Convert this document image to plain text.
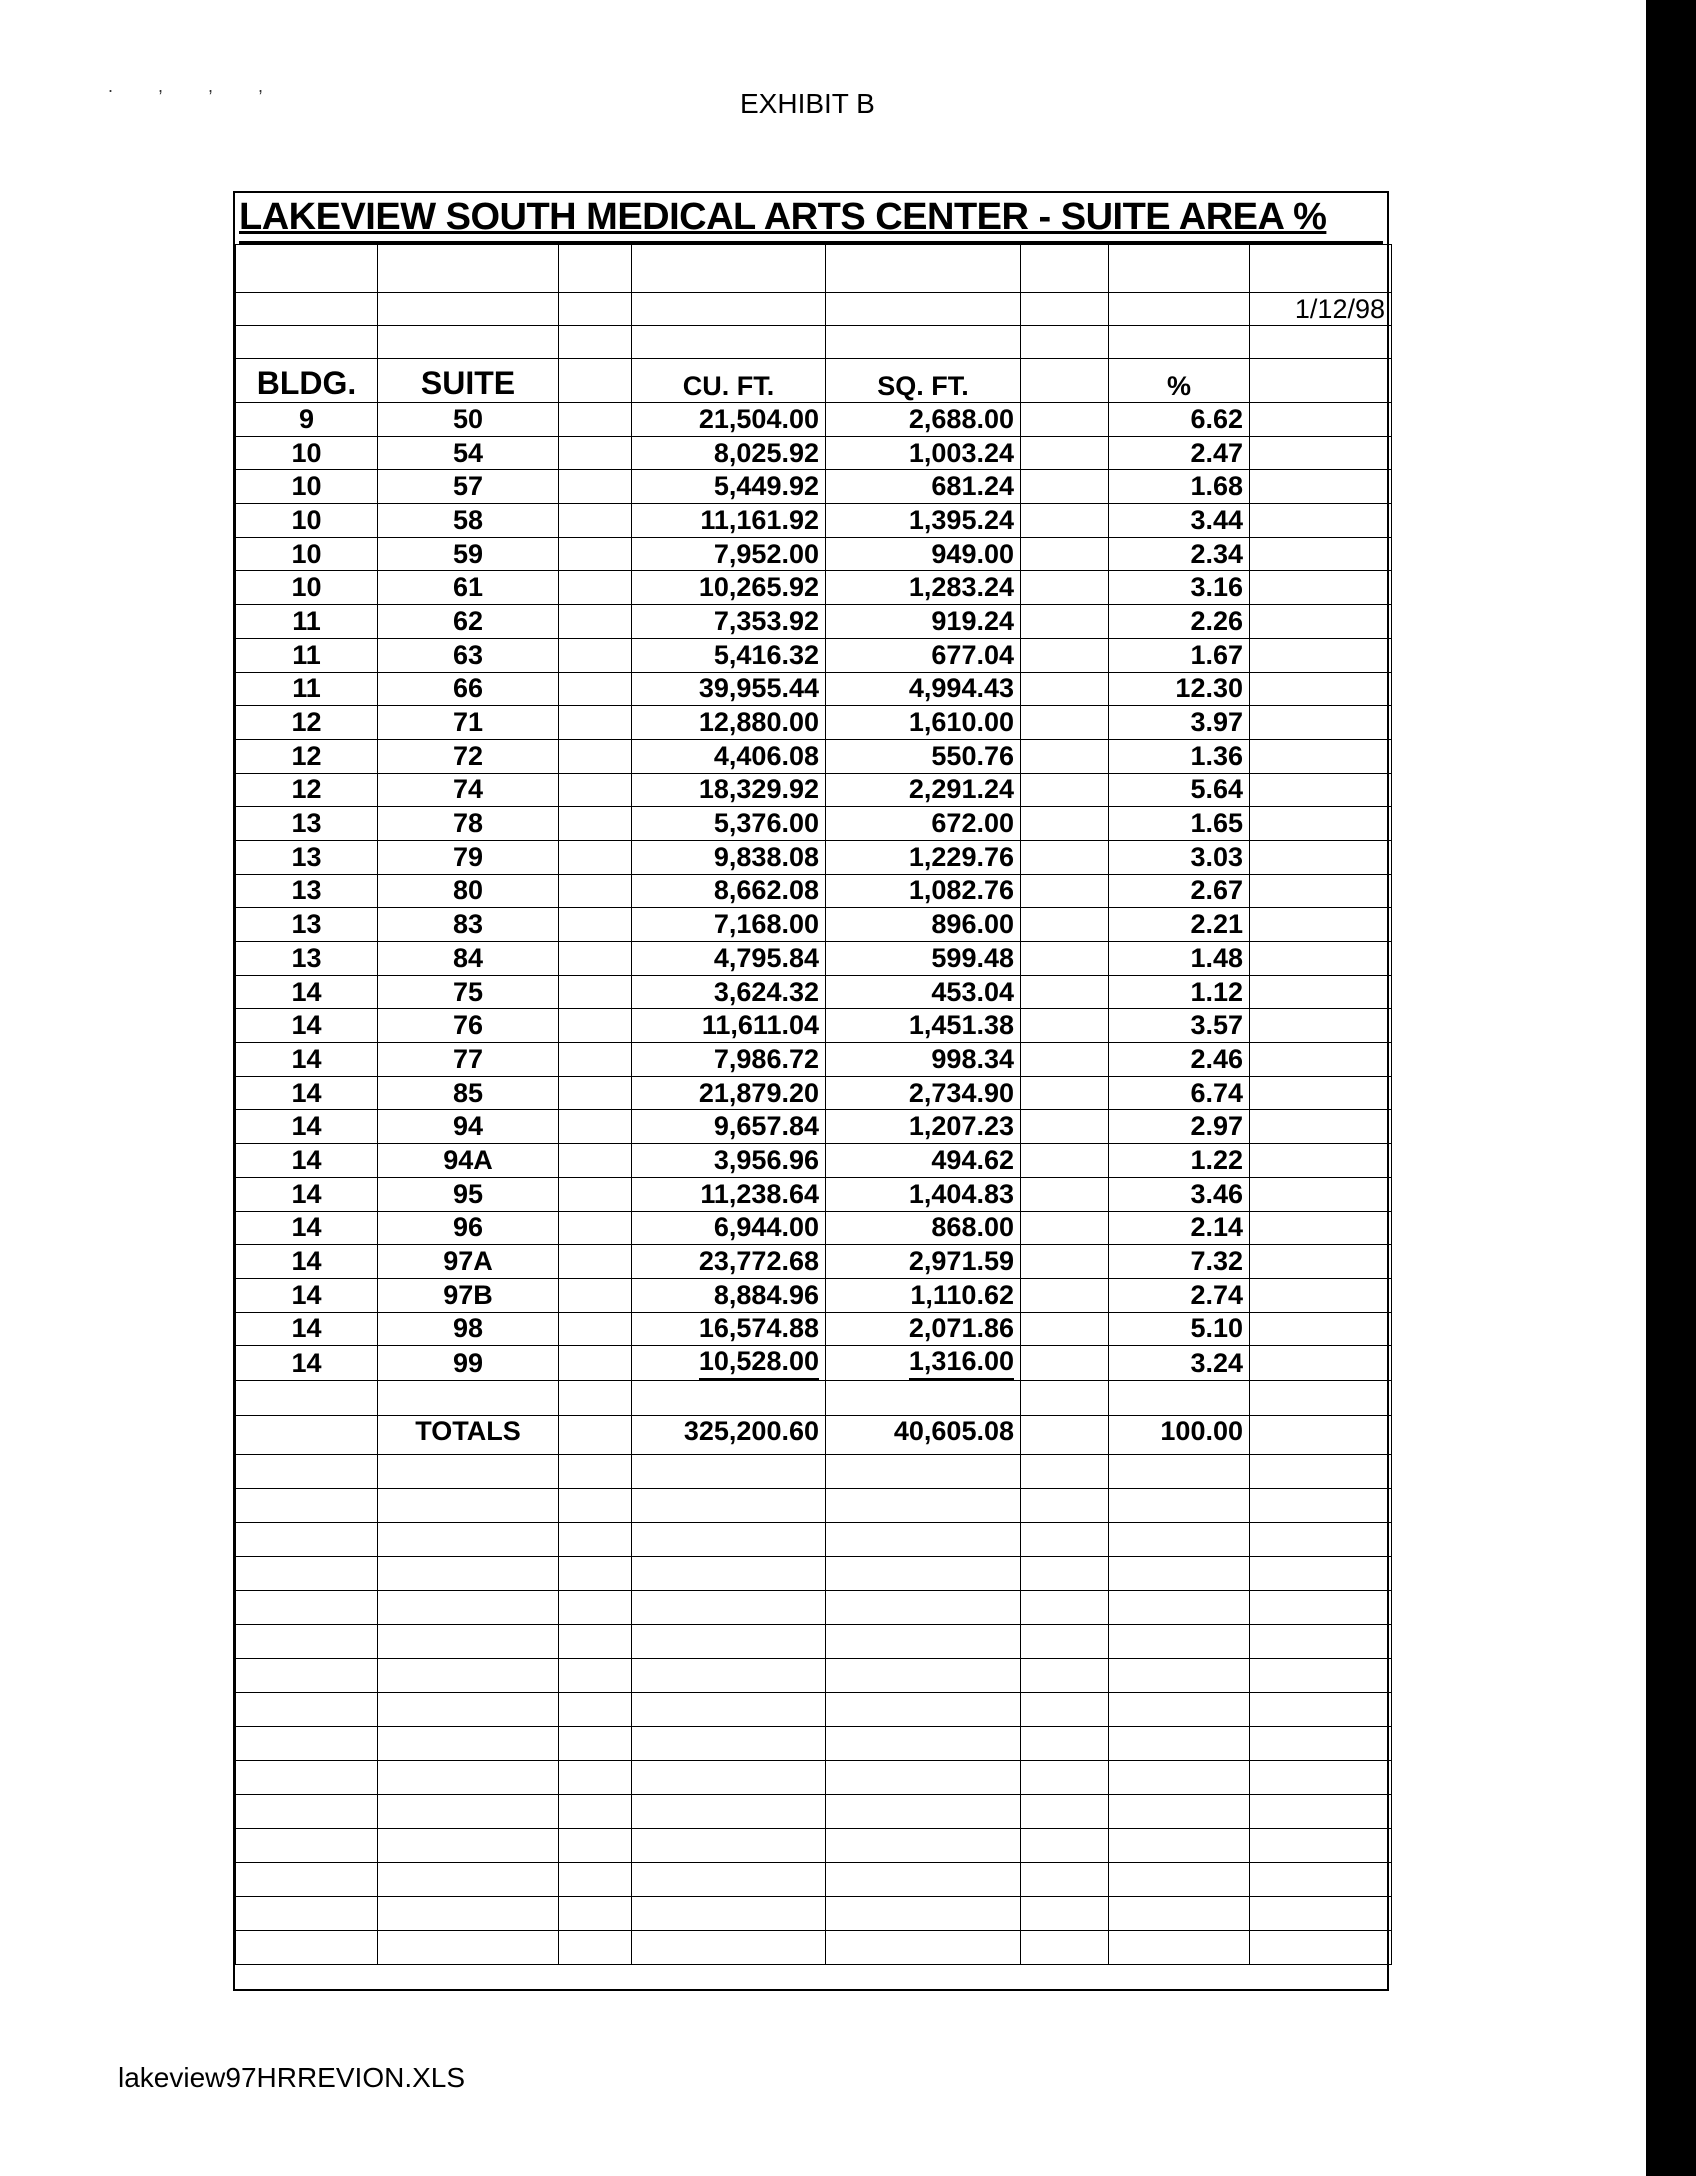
. , , ,
EXHIBIT B
LAKEVIEW SOUTH MEDICAL ARTS CENTER - SUITE AREA %

							1/12/98

BLDG.	SUITE		CU. FT.	SQ. FT.		%	
9	50		21,504.00	2,688.00		6.62	
10	54		8,025.92	1,003.24		2.47	
10	57		5,449.92	681.24		1.68	
10	58		11,161.92	1,395.24		3.44	
10	59		7,952.00	949.00		2.34	
10	61		10,265.92	1,283.24		3.16	
11	62		7,353.92	919.24		2.26	
11	63		5,416.32	677.04		1.67	
11	66		39,955.44	4,994.43		12.30	
12	71		12,880.00	1,610.00		3.97	
12	72		4,406.08	550.76		1.36	
12	74		18,329.92	2,291.24		5.64	
13	78		5,376.00	672.00		1.65	
13	79		9,838.08	1,229.76		3.03	
13	80		8,662.08	1,082.76		2.67	
13	83		7,168.00	896.00		2.21	
13	84		4,795.84	599.48		1.48	
14	75		3,624.32	453.04		1.12	
14	76		11,611.04	1,451.38		3.57	
14	77		7,986.72	998.34		2.46	
14	85		21,879.20	2,734.90		6.74	
14	94		9,657.84	1,207.23		2.97	
14	94A		3,956.96	494.62		1.22	
14	95		11,238.64	1,404.83		3.46	
14	96		6,944.00	868.00		2.14	
14	97A		23,772.68	2,971.59		7.32	
14	97B		8,884.96	1,110.62		2.74	
14	98		16,574.88	2,071.86		5.10	
14	99		10,528.00	1,316.00		3.24	

	TOTALS		325,200.60	40,605.08		100.00	

lakeview97HRREVION.XLS
